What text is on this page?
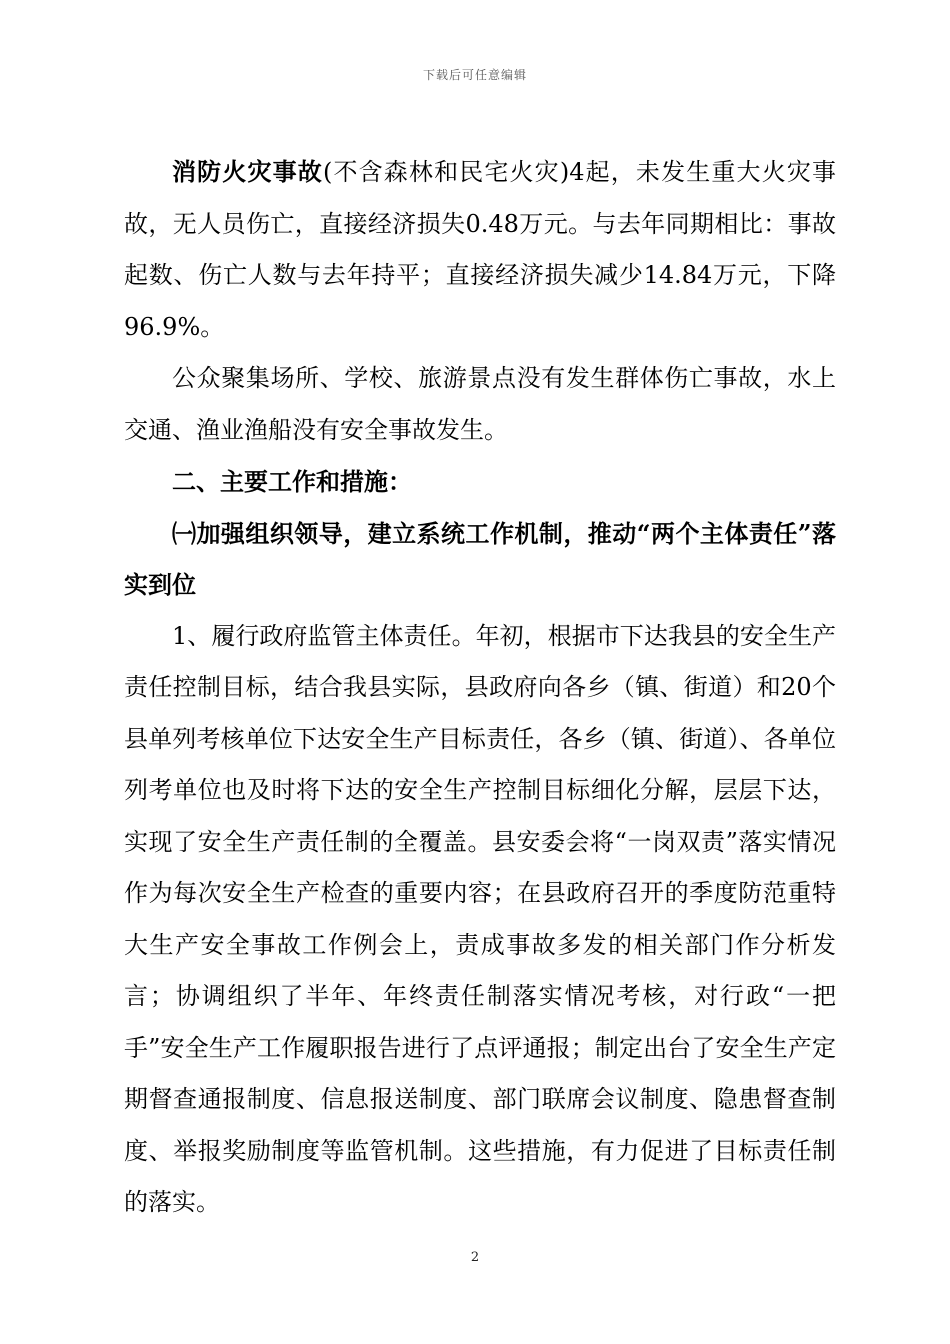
下载后可任意编辑

消防火灾事故(不含森林和民宅火灾)4起，未发生重大火灾事故，无人员伤亡，直接经济损失0.48万元。与去年同期相比：事故起数、伤亡人数与去年持平；直接经济损失减少14.84万元，下降96.9%。

公众聚集场所、学校、旅游景点没有发生群体伤亡事故，水上交通、渔业渔船没有安全事故发生。

二、主要工作和措施：

㈠加强组织领导，建立系统工作机制，推动“两个主体责任”落实到位

1、履行政府监管主体责任。年初，根据市下达我县的安全生产责任控制目标，结合我县实际，县政府向各乡（镇、街道）和20个县单列考核单位下达安全生产目标责任，各乡（镇、街道）、各单位列考单位也及时将下达的安全生产控制目标细化分解，层层下达，实现了安全生产责任制的全覆盖。县安委会将“一岗双责”落实情况作为每次安全生产检查的重要内容；在县政府召开的季度防范重特大生产安全事故工作例会上，责成事故多发的相关部门作分析发言；协调组织了半年、年终责任制落实情况考核，对行政“一把手”安全生产工作履职报告进行了点评通报；制定出台了安全生产定期督查通报制度、信息报送制度、部门联席会议制度、隐患督查制度、举报奖励制度等监管机制。这些措施，有力促进了目标责任制的落实。

2
